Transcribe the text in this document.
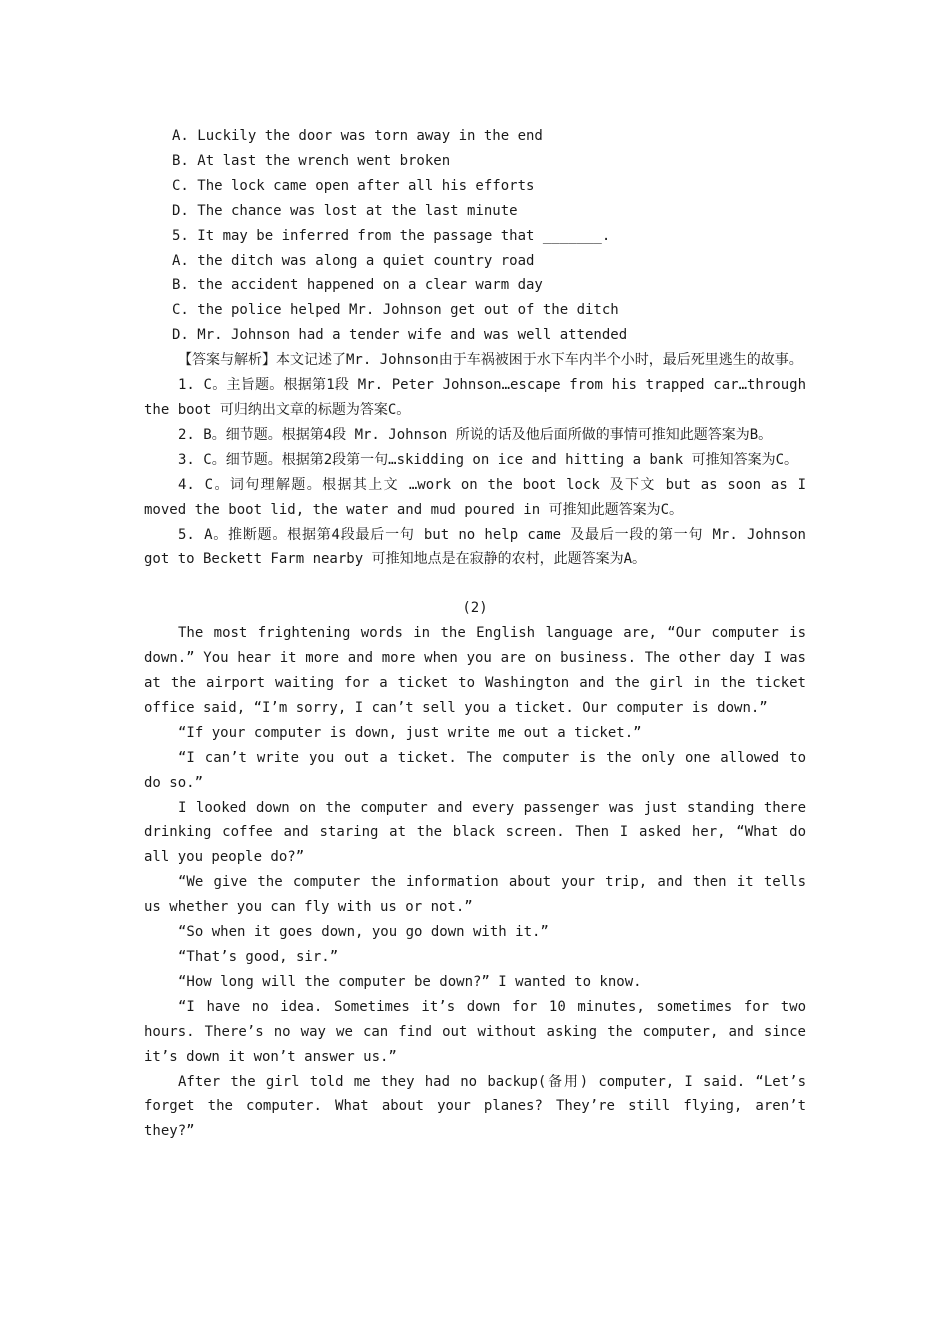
A. Luckily the door was torn away in the end
B. At last the wrench went broken
C. The lock came open after all his efforts
D. The chance was lost at the last minute
5. It may be inferred from the passage that _______.
A. the ditch was along a quiet country road
B. the accident happened on a clear warm day
C. the police helped Mr. Johnson get out of the ditch
D. Mr. Johnson had a tender wife and was well attended
【答案与解析】本文记述了Mr. Johnson由于车祸被困于水下车内半个小时，最后死里逃生的故事。
1. C。主旨题。根据第1段 Mr. Peter Johnson…escape from his trapped car…through the boot 可归纳出文章的标题为答案C。
2. B。细节题。根据第4段 Mr. Johnson 所说的话及他后面所做的事情可推知此题答案为B。
3. C。细节题。根据第2段第一句…skidding on ice and hitting a bank 可推知答案为C。
4. C。词句理解题。根据其上文 …work on the boot lock 及下文 but as soon as I moved the boot lid, the water and mud poured in 可推知此题答案为C。
5. A。推断题。根据第4段最后一句 but no help came 及最后一段的第一句 Mr. Johnson got to Beckett Farm nearby 可推知地点是在寂静的农村，此题答案为A。
(2)
The most frightening words in the English language are, “Our computer is down.” You hear it more and more when you are on business. The other day I was at the airport waiting for a ticket to Washington and the girl in the ticket office said, “I’m sorry, I can’t sell you a ticket. Our computer is down.”
“If your computer is down, just write me out a ticket.”
“I can’t write you out a ticket. The computer is the only one allowed to do so.”
I looked down on the computer and every passenger was just standing there drinking coffee and staring at the black screen. Then I asked her, “What do all you people do?”
“We give the computer the information about your trip, and then it tells us whether you can fly with us or not.”
“So when it goes down, you go down with it.”
“That’s good, sir.”
“How long will the computer be down?” I wanted to know.
“I have no idea. Sometimes it’s down for 10 minutes, sometimes for two hours. There’s no way we can find out without asking the computer, and since it’s down it won’t answer us.”
After the girl told me they had no backup(备用) computer, I said. “Let’s forget the computer. What about your planes? They’re still flying, aren’t they?”
